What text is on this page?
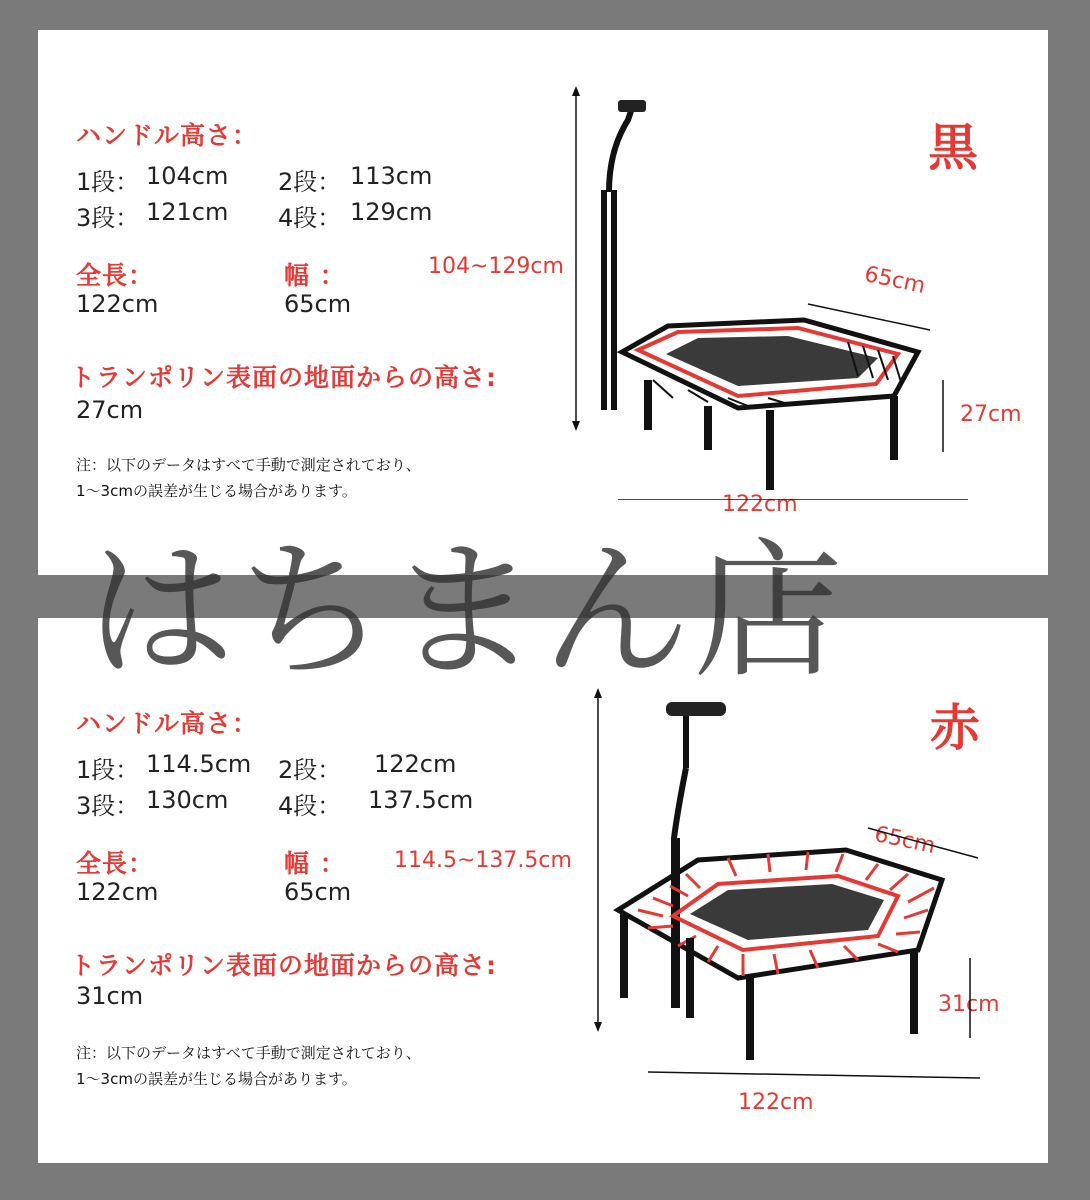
ハンドル高さ：
1段： 104cm 2段： 113cm
3段： 121cm 4段： 129cm
全長：
122cm
幅 ：
65cm
トランポリン表面の地面からの高さ:
27cm
注：以下のデータはすべて手動で測定されており、
1～3cmの誤差が生じる場合があります。
黒
104~129cm	65cm
27cm
122cm
ハンドル高さ：
1段： 114.5cm 2段： 122cm
3段： 130cm 4段： 137.5cm
全長：
122cm
幅 ：
65cm
トランポリン表面の地面からの高さ:
31cm
注：以下のデータはすべて手動で測定されており、
1～3cmの誤差が生じる場合があります。
赤
114.5~137.5cm
65cm
31cm
122cm
はちまん店
